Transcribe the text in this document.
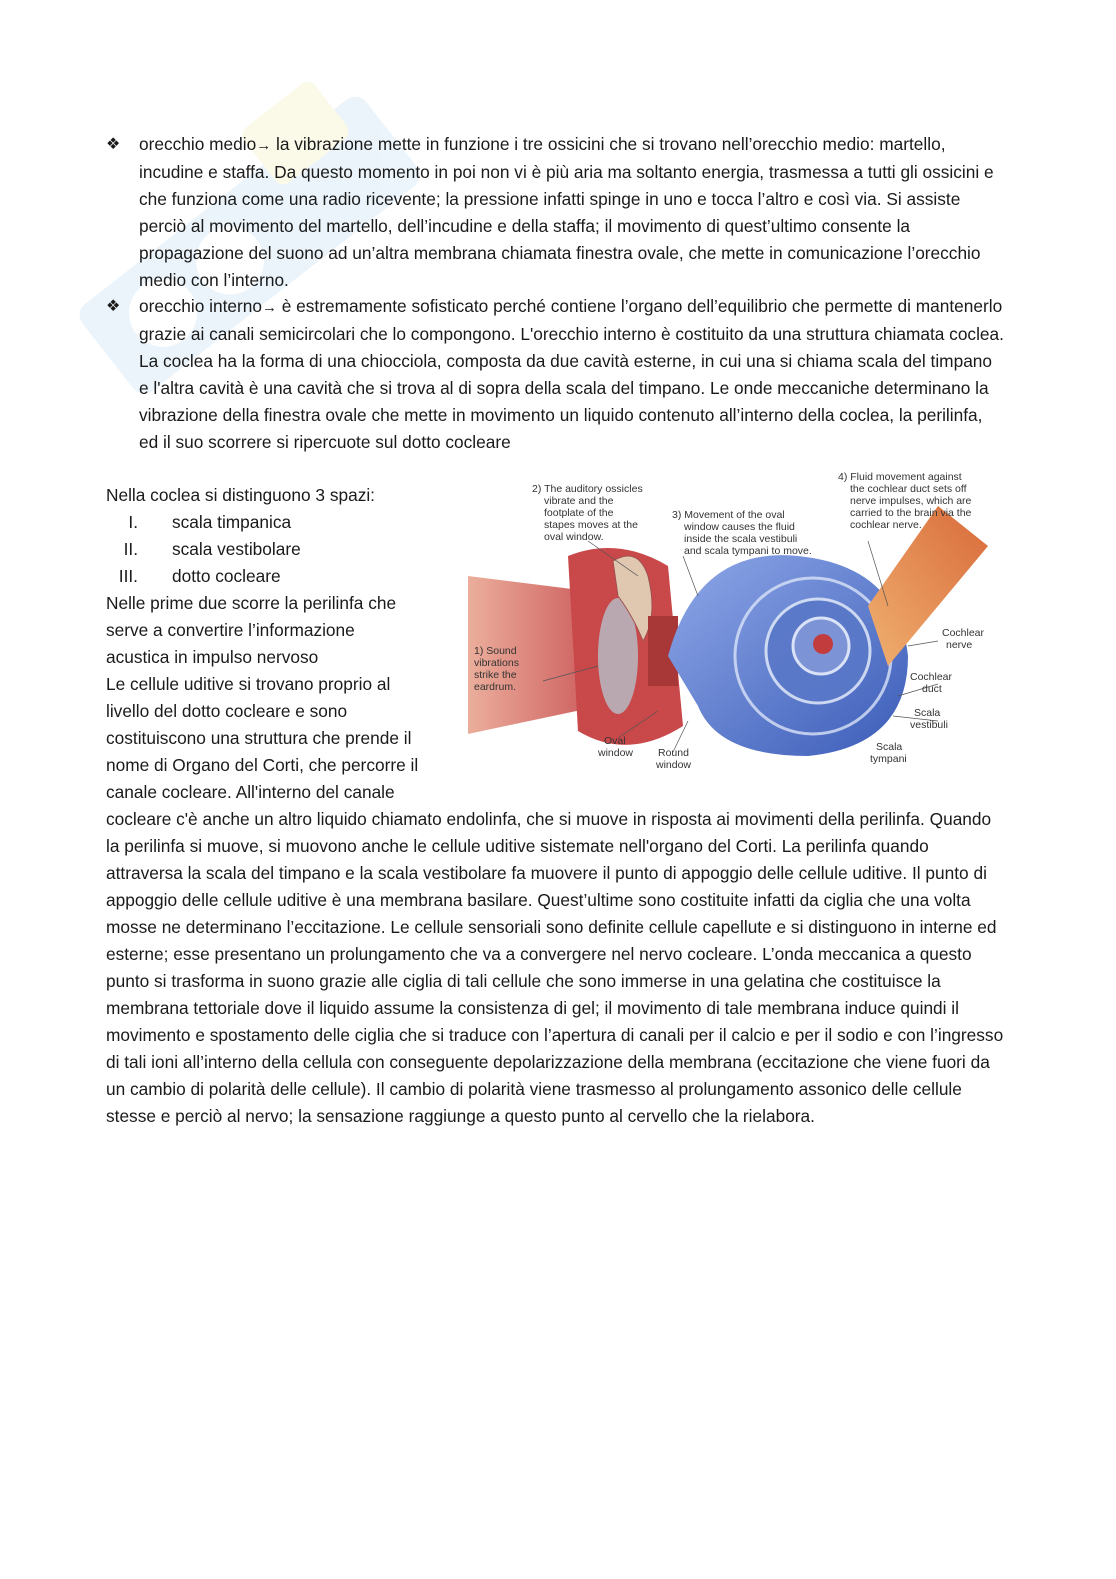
❖	orecchio medio→ la vibrazione mette in funzione i tre ossicini che si trovano nell’orecchio medio: martello, incudine e staffa. Da questo momento in poi non vi è più aria ma soltanto energia, trasmessa a tutti gli ossicini e che funziona come una radio ricevente; la pressione infatti spinge in uno e tocca l’altro e così via. Si assiste perciò al movimento del martello, dell’incudine e della staffa; il movimento di quest’ultimo consente la propagazione del suono ad un’altra membrana chiamata finestra ovale, che mette in comunicazione l’orecchio medio con l’interno.
❖	orecchio interno→ è estremamente sofisticato perché contiene l’organo dell’equilibrio che permette di mantenerlo grazie ai canali semicircolari che lo compongono. L'orecchio interno è costituito da una struttura chiamata coclea. La coclea ha la forma di una chiocciola, composta da due cavità esterne, in cui una si chiama scala del timpano e l'altra cavità è una cavità che si trova al di sopra della scala del timpano. Le onde meccaniche determinano la vibrazione della finestra ovale che mette in movimento un liquido contenuto all’interno della coclea, la perilinfa, ed il suo scorrere si ripercuote sul dotto cocleare
Nella coclea si distinguono 3 spazi:
I. scala timpanica
II. scala vestibolare
III. dotto cocleare
Nelle prime due scorre la perilinfa che
serve a convertire l’informazione
acustica in impulso nervoso
Le cellule uditive si trovano proprio al
livello del dotto cocleare e sono
costituiscono una struttura che prende il
nome di Organo del Corti, che percorre il
canale cocleare. All'interno del canale
cocleare c'è anche un altro liquido chiamato endolinfa, che si muove in risposta ai movimenti della perilinfa. Quando la perilinfa si muove, si muovono anche le cellule uditive sistemate nell'organo del Corti. La perilinfa quando attraversa la scala del timpano e la scala vestibolare fa muovere il punto di appoggio delle cellule uditive. Il punto di appoggio delle cellule uditive è una membrana basilare. Quest’ultime sono costituite infatti da ciglia che una volta mosse ne determinano l’eccitazione. Le cellule sensoriali sono definite cellule capellute e si distinguono in interne ed esterne; esse presentano un prolungamento che va a convergere nel nervo cocleare. L’onda meccanica a questo punto si trasforma in suono grazie alle ciglia di tali cellule che sono immerse in una gelatina che costituisce la membrana tettoriale dove il liquido assume la consistenza di gel; il movimento di tale membrana induce quindi il movimento e spostamento delle ciglia che si traduce con l’apertura di canali per il calcio e per il sodio e con l’ingresso di tali ioni all’interno della cellula con conseguente depolarizzazione della membrana (eccitazione che viene fuori da un cambio di polarità delle cellule). Il cambio di polarità viene trasmesso al prolungamento assonico delle cellule stesse e perciò al nervo; la sensazione raggiunge a questo punto al cervello che la rielabora.
1) Sound vibrations strike the eardrum.
2) The auditory ossicles vibrate and the footplate of the stapes moves at the oval window.
3) Movement of the oval window causes the fluid inside the scala vestibuli and scala tympani to move.
4) Fluid movement against the cochlear duct sets off nerve impulses, which are carried to the brain via the cochlear nerve.
Oval window Round window
Cochlear nerve
Cochlear duct
Scala vestibuli
Scala tympani
